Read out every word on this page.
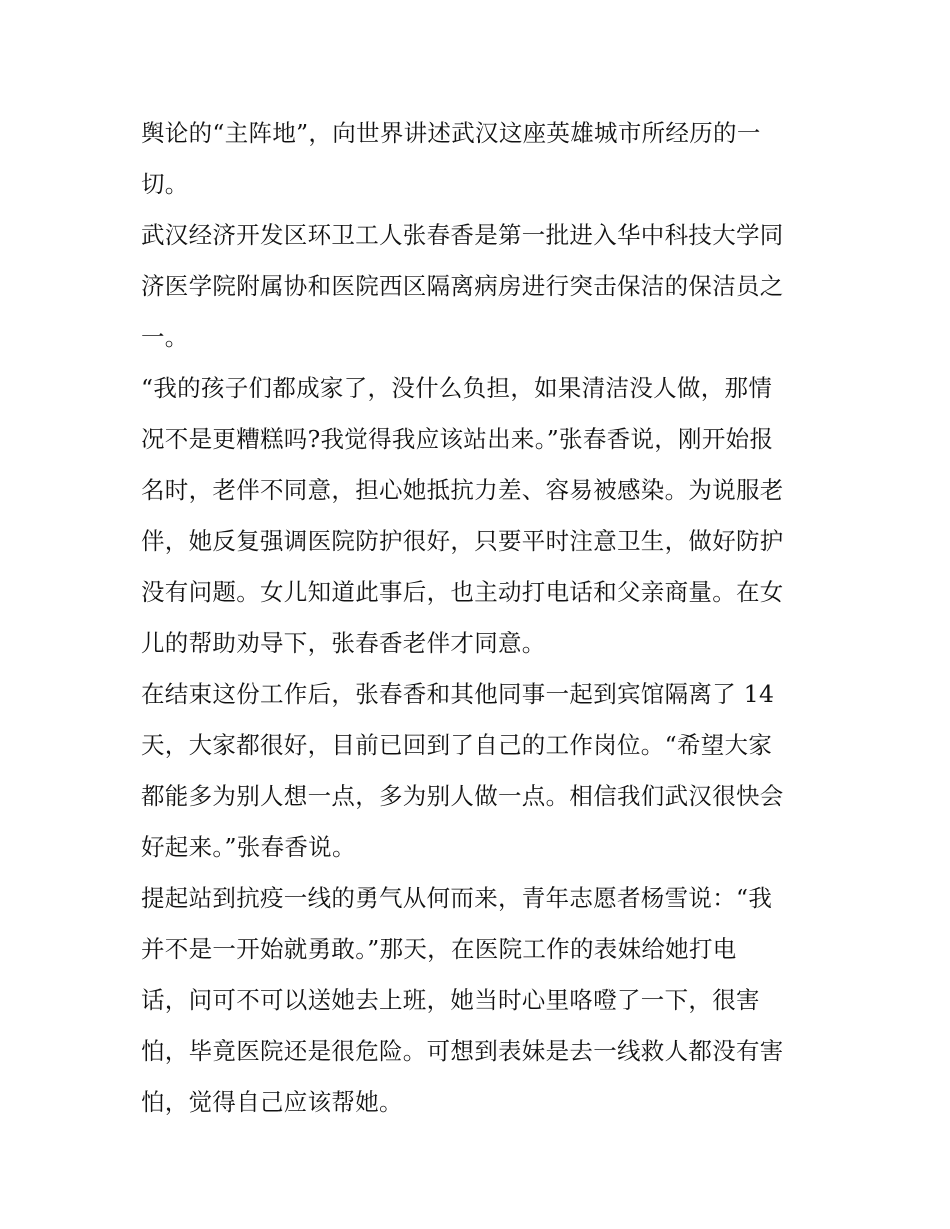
舆论的“主阵地”，向世界讲述武汉这座英雄城市所经历的一
切。
武汉经济开发区环卫工人张春香是第一批进入华中科技大学同
济医学院附属协和医院西区隔离病房进行突击保洁的保洁员之
一。
“我的孩子们都成家了，没什么负担，如果清洁没人做，那情
况不是更糟糕吗?我觉得我应该站出来。”张春香说，刚开始报
名时，老伴不同意，担心她抵抗力差、容易被感染。为说服老
伴，她反复强调医院防护很好，只要平时注意卫生，做好防护
没有问题。女儿知道此事后，也主动打电话和父亲商量。在女
儿的帮助劝导下，张春香老伴才同意。
在结束这份工作后，张春香和其他同事一起到宾馆隔离了 14
天，大家都很好，目前已回到了自己的工作岗位。“希望大家
都能多为别人想一点，多为别人做一点。相信我们武汉很快会
好起来。”张春香说。
提起站到抗疫一线的勇气从何而来，青年志愿者杨雪说：“我
并不是一开始就勇敢。”那天，在医院工作的表妹给她打电
话，问可不可以送她去上班，她当时心里咯噔了一下，很害
怕，毕竟医院还是很危险。可想到表妹是去一线救人都没有害
怕，觉得自己应该帮她。
